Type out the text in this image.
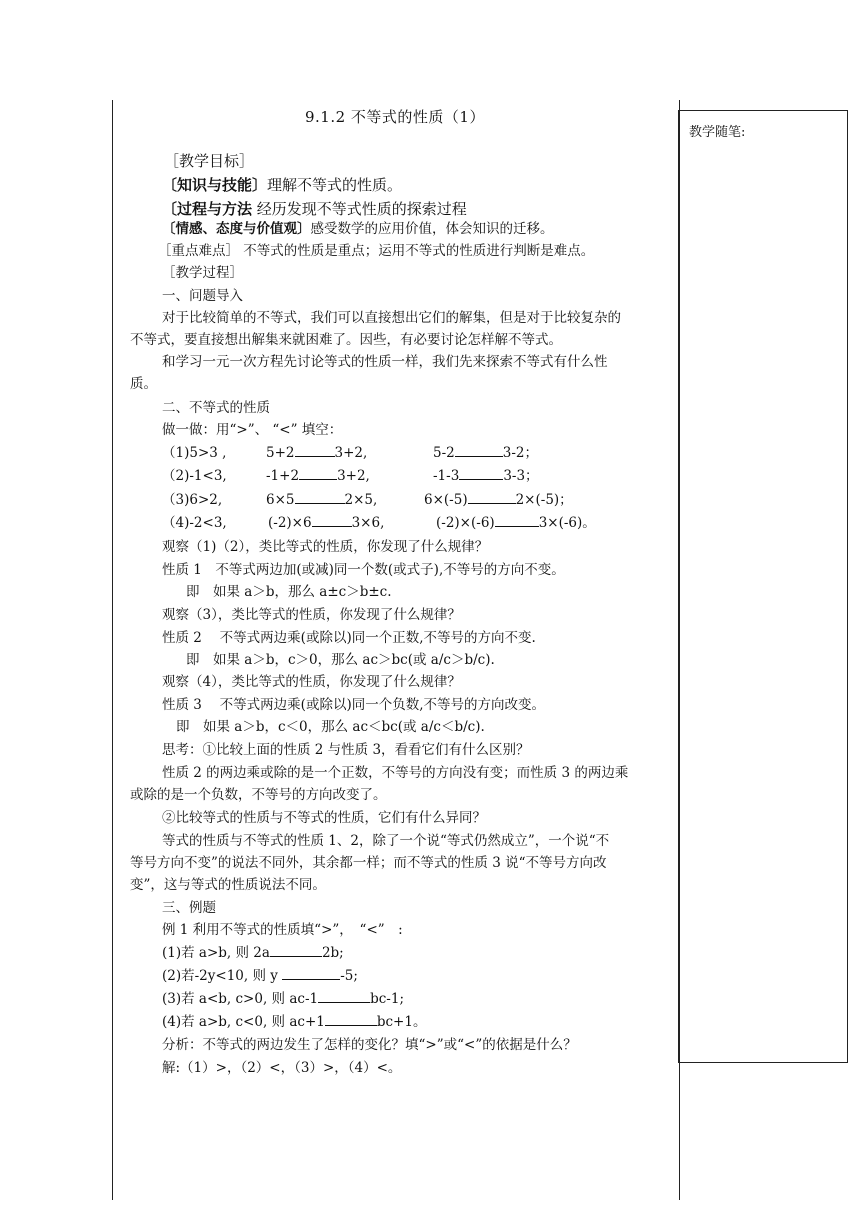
教学随笔:
9.1.2 不等式的性质（1）
［教学目标］
〔知识与技能〕理解不等式的性质。
〔过程与方法 经历发现不等式性质的探索过程
〔情感、态度与价值观〕感受数学的应用价值，体会知识的迁移。
［重点难点］ 不等式的性质是重点；运用不等式的性质进行判断是难点。
［教学过程］
一、问题导入
对于比较简单的不等式，我们可以直接想出它们的解集，但是对于比较复杂的
不等式，要直接想出解集来就困难了。因些，有必要讨论怎样解不等式。
和学习一元一次方程先讨论等式的性质一样，我们先来探索不等式有什么性
质。
二、不等式的性质
做一做：用“>”、 “<” 填空：
（1)5>3 ,	5+2	3+2,	5-2	3-2；
（2)-1<3,	-1+2	3+2,	-1-3	3-3；
（3)6>2,	6×5	2×5,	6×(-5)	2×(-5)；
（4)-2<3,	(-2)×6	3×6,	(-2)×(-6)	3×(-6)。
观察（1)（2），类比等式的性质，你发现了什么规律？
性质 1　不等式两边加(或减)同一个数(或式子),不等号的方向不变。
即　如果 a＞b，那么 a±c＞b±c.
观察（3），类比等式的性质，你发现了什么规律？
性质 2　 不等式两边乘(或除以)同一个正数,不等号的方向不变.
即　如果 a＞b，c＞0，那么 ac＞bc(或 a/c＞b/c).
观察（4），类比等式的性质，你发现了什么规律？
性质 3　 不等式两边乘(或除以)同一个负数,不等号的方向改变。
即　如果 a＞b，c＜0，那么 ac＜bc(或 a/c＜b/c).
思考：①比较上面的性质 2 与性质 3，看看它们有什么区别？
性质 2 的两边乘或除的是一个正数，不等号的方向没有变；而性质 3 的两边乘
或除的是一个负数，不等号的方向改变了。
②比较等式的性质与不等式的性质，它们有什么异同？
等式的性质与不等式的性质 1、2，除了一个说“等式仍然成立”，一个说“不
等号方向不变”的说法不同外，其余都一样；而不等式的性质 3 说“不等号方向改
变”，这与等式的性质说法不同。
三、例题
例 1 利用不等式的性质填“>”，　“<”　:
(1)若 a>b, 则 2a	2b;
(2)若-2y<10, 则 y	-5;
(3)若 a<b, c>0, 则 ac-1	bc-1;
(4)若 a>b, c<0, 则 ac+1	bc+1。
分析：不等式的两边发生了怎样的变化？填“>”或“<”的依据是什么？
解:（1）>，（2）<，（3）>，（4）<。
